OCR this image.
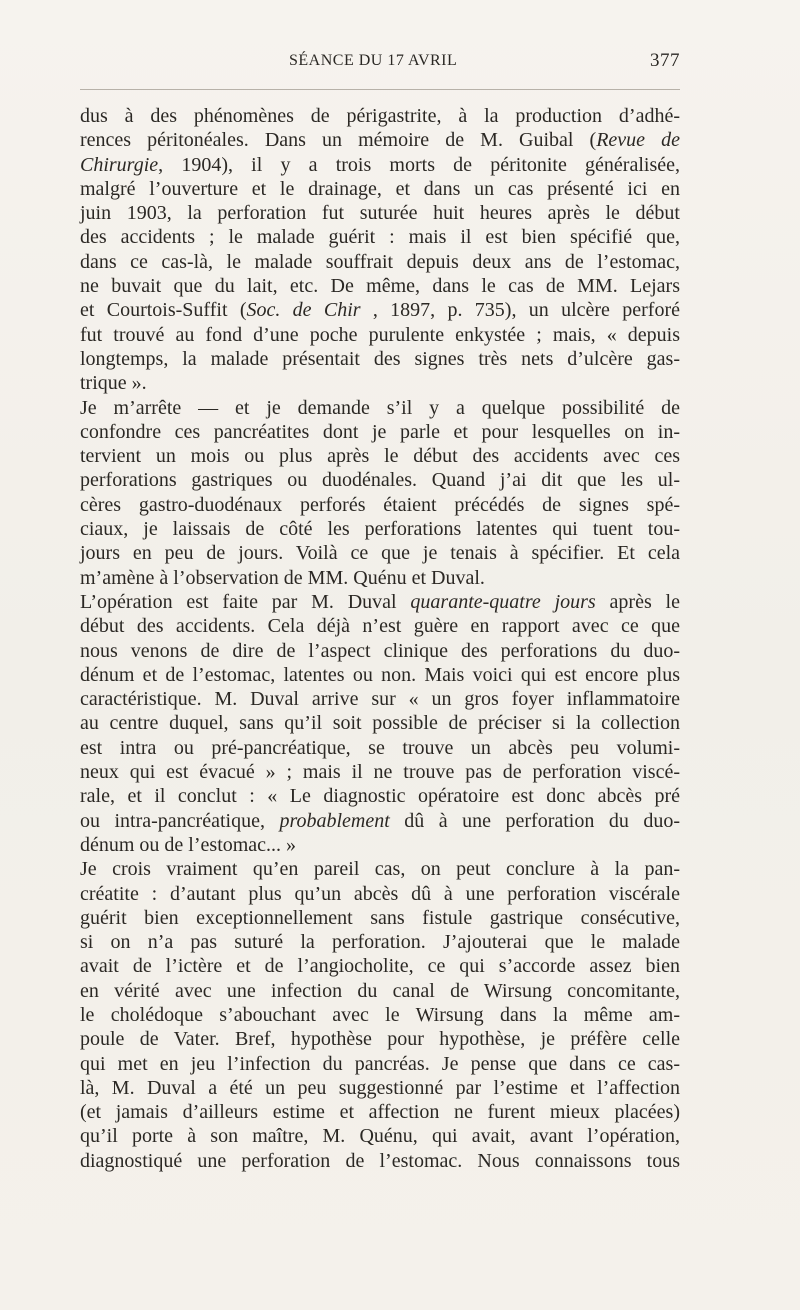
SÉANCE DU 17 AVRIL	377

dus à des phénomènes de périgastrite, à la production d’adhé-

rences péritonéales. Dans un mémoire de M. Guibal (Revue de

Chirurgie, 1904), il y a trois morts de péritonite généralisée,

malgré l’ouverture et le drainage, et dans un cas présenté ici en

juin 1903, la perforation fut suturée huit heures après le début

des accidents ; le malade guérit : mais il est bien spécifié que,

dans ce cas-là, le malade souffrait depuis deux ans de l’estomac,

ne buvait que du lait, etc. De même, dans le cas de MM. Lejars

et Courtois-Suffit (Soc. de Chir , 1897, p. 735), un ulcère perforé

fut trouvé au fond d’une poche purulente enkystée ; mais, « depuis

longtemps, la malade présentait des signes très nets d’ulcère gas-

trique ».

Je m’arrête — et je demande s’il y a quelque possibilité de

confondre ces pancréatites dont je parle et pour lesquelles on in-

tervient un mois ou plus après le début des accidents avec ces

perforations gastriques ou duodénales. Quand j’ai dit que les ul-

cères gastro-duodénaux perforés étaient précédés de signes spé-

ciaux, je laissais de côté les perforations latentes qui tuent tou-

jours en peu de jours. Voilà ce que je tenais à spécifier. Et cela

m’amène à l’observation de MM. Quénu et Duval.

L’opération est faite par M. Duval quarante-quatre jours après le

début des accidents. Cela déjà n’est guère en rapport avec ce que

nous venons de dire de l’aspect clinique des perforations du duo-

dénum et de l’estomac, latentes ou non. Mais voici qui est encore plus

caractéristique. M. Duval arrive sur « un gros foyer inflammatoire

au centre duquel, sans qu’il soit possible de préciser si la collection

est intra ou pré-pancréatique, se trouve un abcès peu volumi-

neux qui est évacué » ; mais il ne trouve pas de perforation viscé-

rale, et il conclut : « Le diagnostic opératoire est donc abcès pré

ou intra-pancréatique, probablement dû à une perforation du duo-

dénum ou de l’estomac... »

Je crois vraiment qu’en pareil cas, on peut conclure à la pan-

créatite : d’autant plus qu’un abcès dû à une perforation viscérale

guérit bien exceptionnellement sans fistule gastrique consécutive,

si on n’a pas suturé la perforation. J’ajouterai que le malade

avait de l’ictère et de l’angiocholite, ce qui s’accorde assez bien

en vérité avec une infection du canal de Wirsung concomitante,

le cholédoque s’abouchant avec le Wirsung dans la même am-

poule de Vater. Bref, hypothèse pour hypothèse, je préfère celle

qui met en jeu l’infection du pancréas. Je pense que dans ce cas-

là, M. Duval a été un peu suggestionné par l’estime et l’affection

(et jamais d’ailleurs estime et affection ne furent mieux placées)

qu’il porte à son maître, M. Quénu, qui avait, avant l’opération,

diagnostiqué une perforation de l’estomac. Nous connaissons tous
